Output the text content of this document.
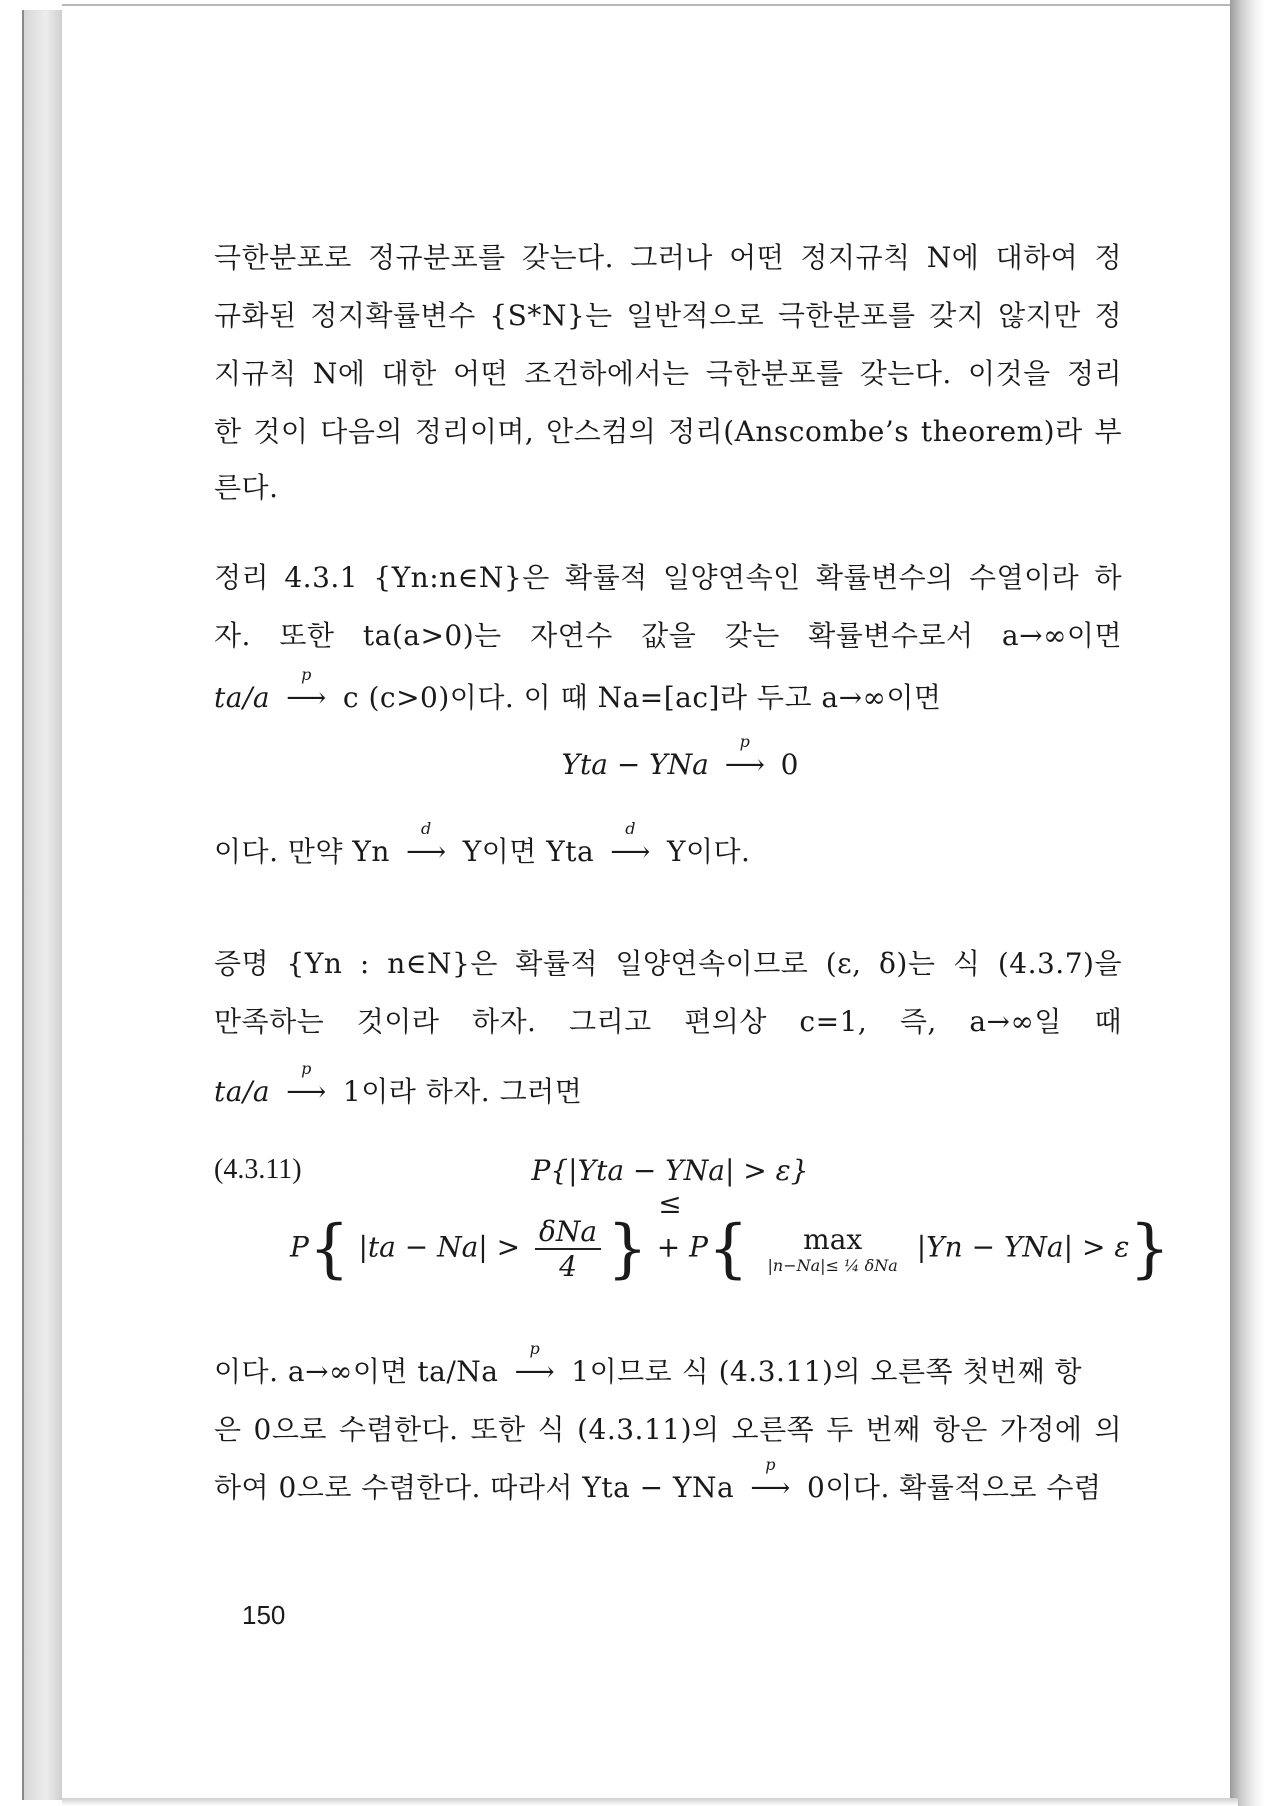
극한분포로 정규분포를 갖는다. 그러나 어떤 정지규칙 N에 대하여 정
규화된 정지확률변수 {S*N}는 일반적으로 극한분포를 갖지 않지만 정
지규칙 N에 대한 어떤 조건하에서는 극한분포를 갖는다. 이것을 정리
한 것이 다음의 정리이며, 안스컴의 정리(Anscombe’s theorem)라 부
른다.
정리 4.3.1 {Yn:n∈N}은 확률적 일양연속인 확률변수의 수열이라 하
자. 또한 ta(a>0)는 자연수 값을 갖는 확률변수로서 a→∞이면
ta/a
p
⟶ c (c>0)이다. 이 때 Na=[ac]라 두고 a→∞이면
Yta − YNa
p
⟶ 0
이다. 만약 Yn
d
⟶ Y이면 Yta
d
⟶ Y이다.
증명 {Yn : n∈N}은 확률적 일양연속이므로 (ε, δ)는 식 (4.3.7)을
만족하는 것이라 하자. 그리고 편의상 c=1, 즉, a→∞일 때
ta/a
p
⟶ 1이라 하자. 그러면
(4.3.11)	P{|Yta − YNa| > ε} ≤
P{ $|ta - Na| > \frac{\text{δNa}}{4}$ } + P{ max
|n−Na|≤ ¼ δNa
|Yn − YNa| > ε}
이다. a→∞이면 ta/Na
p
⟶ 1이므로 식 (4.3.11)의 오른쪽 첫번째 항
은 0으로 수렴한다. 또한 식 (4.3.11)의 오른쪽 두 번째 항은 가정에 의
하여 0으로 수렴한다. 따라서 Yta − YNa
p
⟶ 0이다. 확률적으로 수렴
150
